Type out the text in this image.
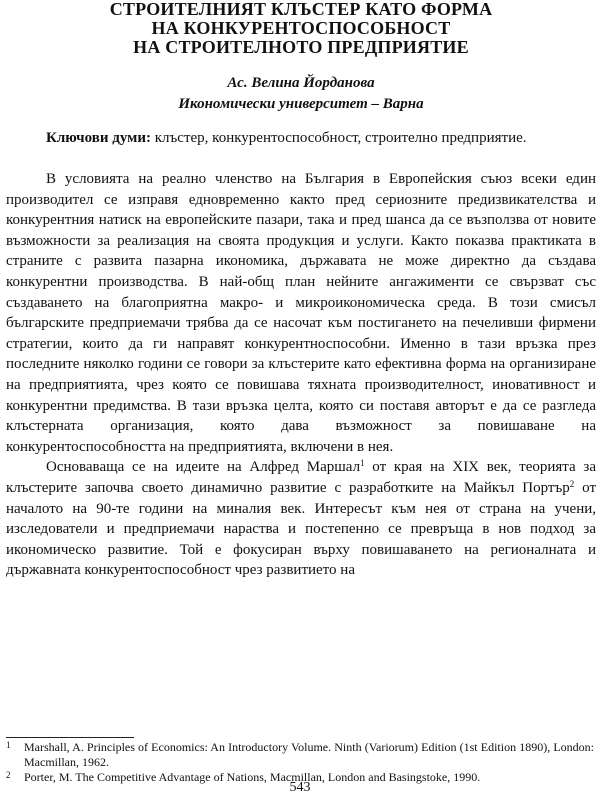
СТРОИТЕЛНИЯТ КЛЪСТЕР КАТО ФОРМА
НА КОНКУРЕНТОСПОСОБНОСТ
НА СТРОИТЕЛНОТО ПРЕДПРИЯТИЕ
Ас. Велина Йорданова
Икономически университет – Варна
Ключови думи: клъстер, конкурентоспособност, строително предприятие.

В условията на реално членство на България в Европейския съюз всеки един производител се изправя едновременно както пред сериозните предизвикателства и конкурентния натиск на европейските пазари, така и пред шанса да се възползва от новите възможности за реализация на своята продукция и услуги. Както показва практиката в страните с развита пазарна икономика, държавата не може директно да създава конкурентни производства. В най-общ план нейните ангажименти се свързват със създаването на благоприятна макро- и микроикономическа среда. В този смисъл българските предприемачи трябва да се насочат към постигането на печеливши фирмени стратегии, които да ги направят конкурентноспособни. Именно в тази връзка през последните няколко години се говори за клъстерите като ефективна форма на организиране на предприятията, чрез която се повишава тяхната производителност, иновативност и конкурентни предимства. В тази връзка целта, която си поставя авторът е да се разгледа клъстерната организация, която дава възможност за повишаване на конкурентоспособността на предприятията, включени в нея.

Основаваща се на идеите на Алфред Маршал$^1$ от края на XIX век, теорията за клъстерите започва своето динамично развитие с разработките на Майкъл Портър$^2$ от началото на 90-те години на миналия век. Интересът към нея от страна на учени, изследователи и предприемачи нараства и постепенно се превръща в нов подход за икономическо развитие. Той е фокусиран върху повишаването на регионалната и държавната конкурентоспособност чрез развитието на

1 Marshall, A. Principles of Economics: An Introductory Volume. Ninth (Variorum) Edition (1st Edition 1890), London: Macmillan, 1962.
2 Porter, M. The Competitive Advantage of Nations, Macmillan, London and Basingstoke, 1990.
543
